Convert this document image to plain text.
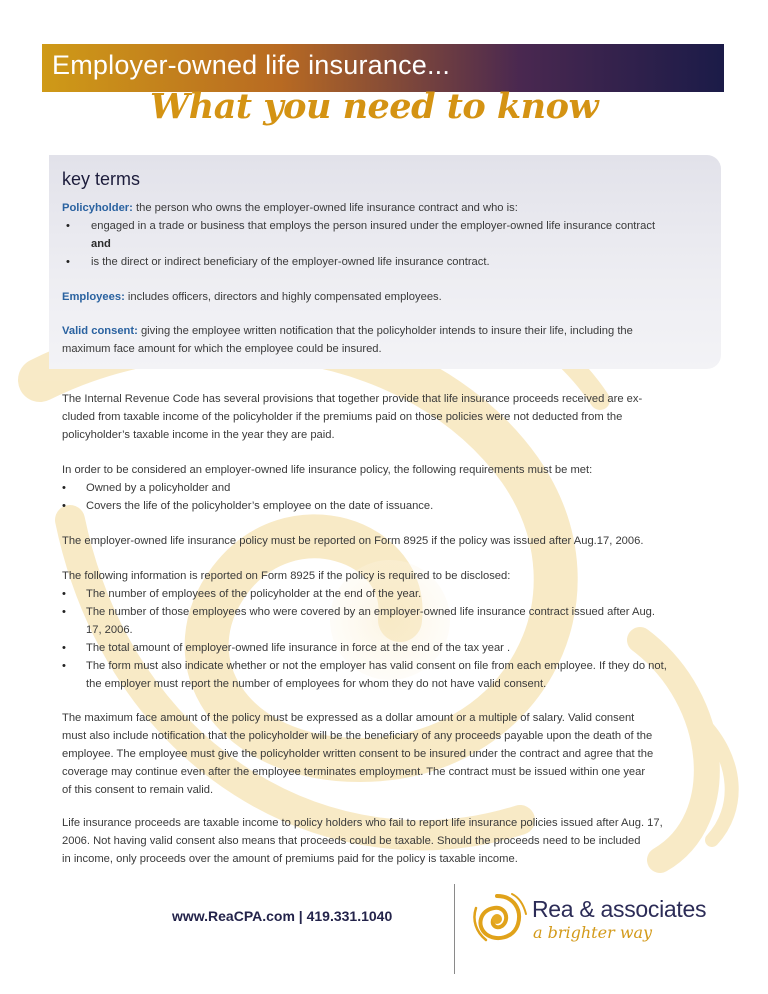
Employer-owned life insurance...
What you need to know
key terms
Policyholder: the person who owns the employer-owned life insurance contract and who is:
• engaged in a trade or business that employs the person insured under the employer-owned life insurance contract
and
• is the direct or indirect beneficiary of the employer-owned life insurance contract.
Employees: includes officers, directors and highly compensated employees.
Valid consent: giving the employee written notification that the policyholder intends to insure their life, including the
maximum face amount for which the employee could be insured.
The Internal Revenue Code has several provisions that together provide that life insurance proceeds received are ex-
cluded from taxable income of the policyholder if the premiums paid on those policies were not deducted from the
policyholder’s taxable income in the year they are paid.
In order to be considered an employer-owned life insurance policy, the following requirements must be met:
• Owned by a policyholder and
• Covers the life of the policyholder’s employee on the date of issuance.
The employer-owned life insurance policy must be reported on Form 8925 if the policy was issued after Aug.17, 2006.
The following information is reported on Form 8925 if the policy is required to be disclosed:
• The number of employees of the policyholder at the end of the year.
• The number of those employees who were covered by an employer-owned life insurance contract issued after Aug.
17, 2006.
• The total amount of employer-owned life insurance in force at the end of the tax year .
• The form must also indicate whether or not the employer has valid consent on file from each employee. If they do not,
the employer must report the number of employees for whom they do not have valid consent.
The maximum face amount of the policy must be expressed as a dollar amount or a multiple of salary. Valid consent
must also include notification that the policyholder will be the beneficiary of any proceeds payable upon the death of the
employee. The employee must give the policyholder written consent to be insured under the contract and agree that the
coverage may continue even after the employee terminates employment. The contract must be issued within one year
of this consent to remain valid.
Life insurance proceeds are taxable income to policy holders who fail to report life insurance policies issued after Aug. 17,
2006. Not having valid consent also means that proceeds could be taxable. Should the proceeds need to be included
in income, only proceeds over the amount of premiums paid for the policy is taxable income.
www.ReaCPA.com | 419.331.1040	Rea & associates
a brighter way
